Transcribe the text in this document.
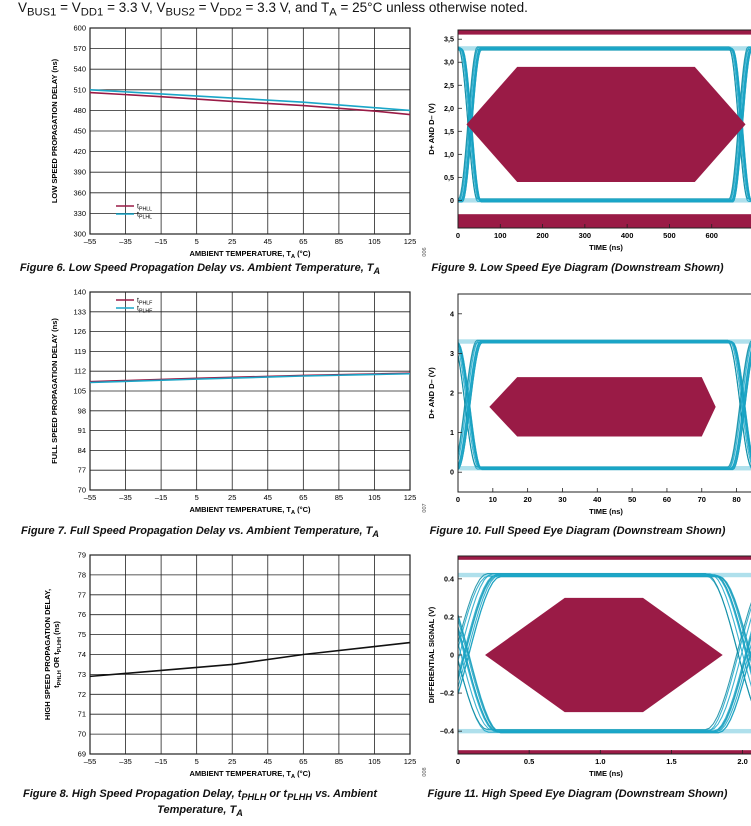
$V_{BUS1} = V_{DD1} = 3.3$ V, $V_{BUS2} = V_{DD2} = 3.3$ V, and $T_A = 25^\circ C$ unless otherwise noted.
–55	–35	–15	5	25	45	65	85	105	125
300
330
360
390
420
450
480
510
540
570
600
$t_{PHLL}$
$t_{PLHL}$
AMBIENT TEMPERATURE, $T_A$ (°C)
LOW SPEED PROPAGATION DELAY (ns)
006
Figure 6. Low Speed Propagation Delay vs. Ambient Temperature, $T_A$
–55	–35	–15	5	25	45	65	85	105	125
70
77
84
91
98
105
112
119
126
133
140
$t_{PHLF}$
$t_{PLHF}$
AMBIENT TEMPERATURE, $T_A$ (°C)
FULL SPEED PROPAGATION DELAY (ns)
007
Figure 7. Full Speed Propagation Delay vs. Ambient Temperature, $T_A$
–55	–35	–15	5	25	45	65	85	105	125
69
70
71
72
73
74
75
76
77
78
79
AMBIENT TEMPERATURE, $T_A$ (°C)
HIGH SPEED PROPAGATION DELAY, $t_{PHLH}$ OR $t_{PLHH}$ (ns)
008
Figure 8. High Speed Propagation Delay, $t_{PHLH}$ or $t_{PLHH}$ vs. Ambient Temperature, $T_A$
0	100	200	300	400	500	600
0
0,5
1,0
1,5
2,0
2,5
3,0
3,5
TIME (ns)
D+ AND D– (V)
Figure 9. Low Speed Eye Diagram (Downstream Shown)
0	10	20	30	40	50	60	70	80
0
1
2
3
4
TIME (ns)
D+ AND D– (V)
Figure 10. Full Speed Eye Diagram (Downstream Shown)
0	0.5	1.0	1.5	2.0
–0.4
–0.2
0
0.2
0.4
TIME (ns)
DIFFERENTIAL SIGNAL (V)
Figure 11. High Speed Eye Diagram (Downstream Shown)
